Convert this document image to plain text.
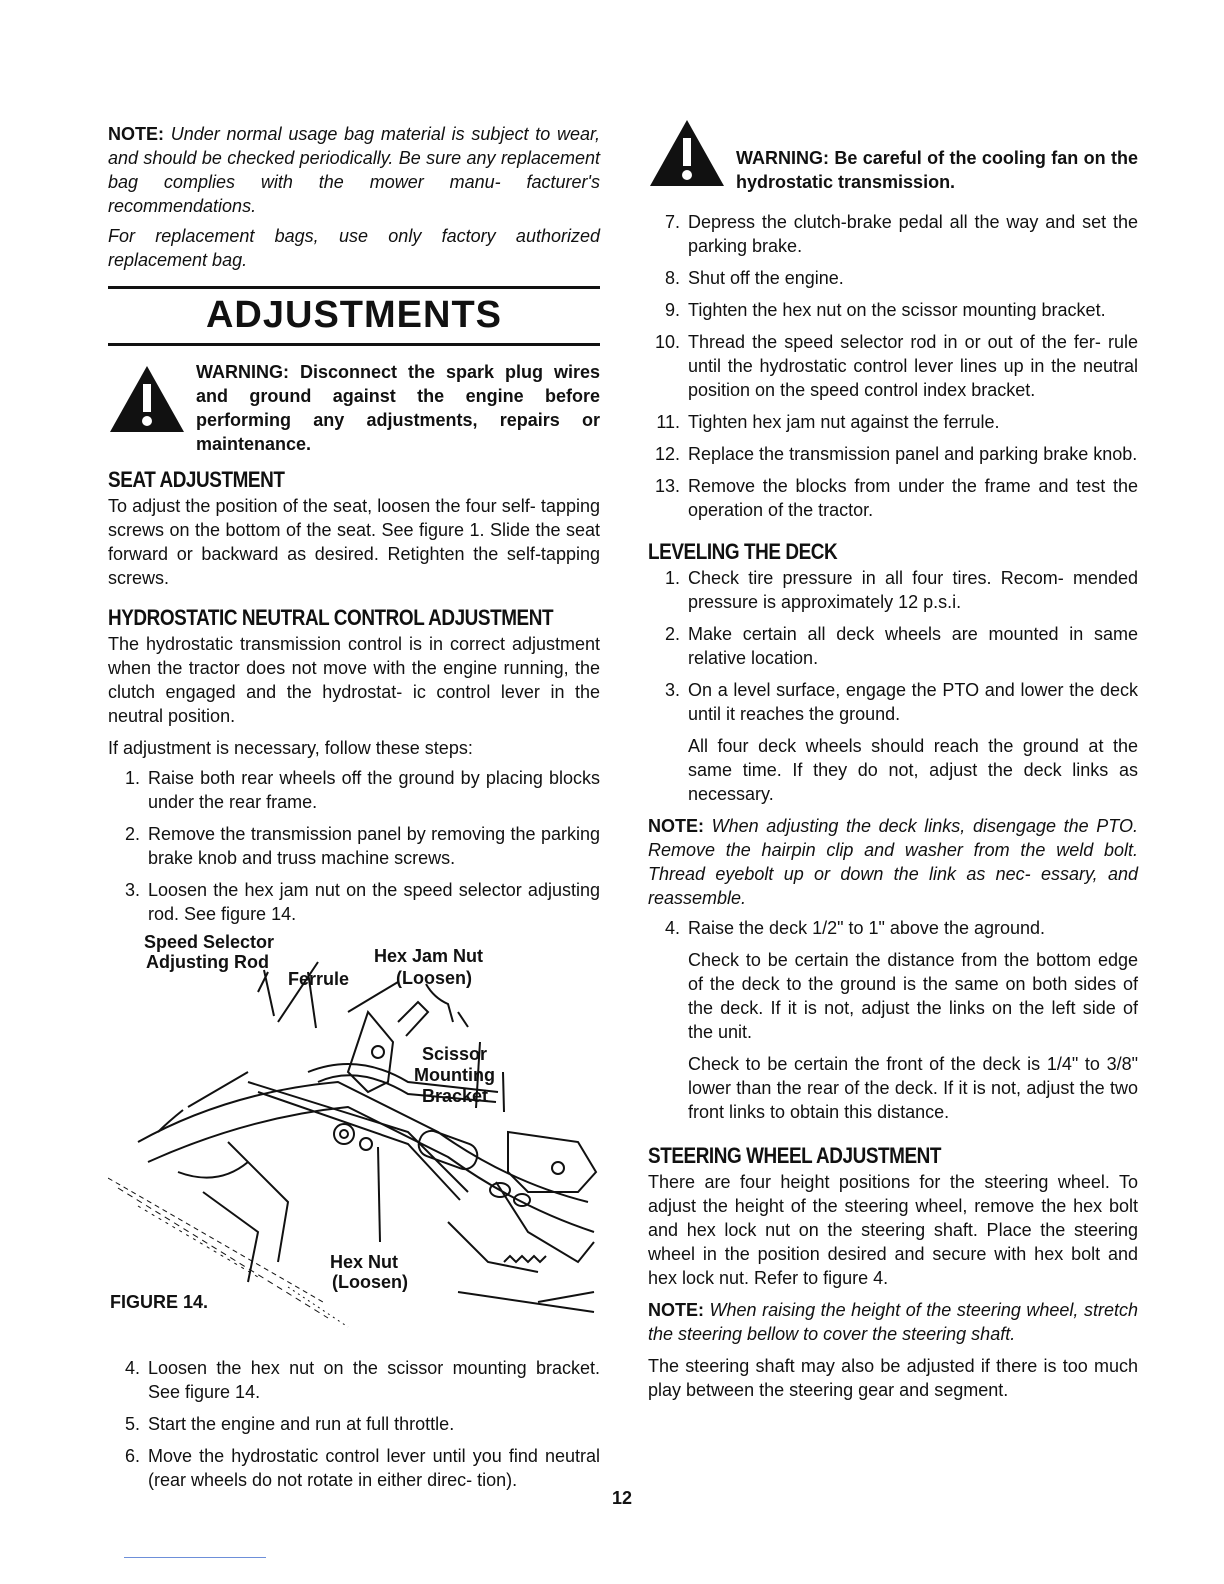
NOTE: Under normal usage bag material is subject to wear, and should be checked periodically. Be sure any replacement bag complies with the mower manu- facturer's recommendations.

For replacement bags, use only factory authorized replacement bag.

ADJUSTMENTS
WARNING: Disconnect the spark plug wires and ground against the engine before performing any adjustments, repairs or maintenance.
SEAT ADJUSTMENT

To adjust the position of the seat, loosen the four self- tapping screws on the bottom of the seat. See figure 1. Slide the seat forward or backward as desired. Retighten the self-tapping screws.

HYDROSTATIC NEUTRAL CONTROL ADJUSTMENT

The hydrostatic transmission control is in correct adjustment when the tractor does not move with the engine running, the clutch engaged and the hydrostat- ic control lever in the neutral position.

If adjustment is necessary, follow these steps:

1. Raise both rear wheels off the ground by placing blocks under the rear frame.
2. Remove the transmission panel by removing the parking brake knob and truss machine screws.
3. Loosen the hex jam nut on the speed selector adjusting rod. See figure 14.
Speed Selector
Adjusting Rod
Ferrule
Hex Jam Nut
(Loosen)
Scissor
Mounting
Bracket
Hex Nut
(Loosen)
FIGURE 14.
4. Loosen the hex nut on the scissor mounting bracket. See figure 14.
5. Start the engine and run at full throttle.
6. Move the hydrostatic control lever until you find neutral (rear wheels do not rotate in either direc- tion).
WARNING: Be careful of the cooling fan on the hydrostatic transmission.
7. Depress the clutch-brake pedal all the way and set the parking brake.
8. Shut off the engine.
9. Tighten the hex nut on the scissor mounting bracket.
10. Thread the speed selector rod in or out of the fer- rule until the hydrostatic control lever lines up in the neutral position on the speed control index bracket.
11. Tighten hex jam nut against the ferrule.
12. Replace the transmission panel and parking brake knob.
13. Remove the blocks from under the frame and test the operation of the tractor.
LEVELING THE DECK
1. Check tire pressure in all four tires. Recom- mended pressure is approximately 12 p.s.i.
2. Make certain all deck wheels are mounted in same relative location.
3. On a level surface, engage the PTO and lower the deck until it reaches the ground.

All four deck wheels should reach the ground at the same time. If they do not, adjust the deck links as necessary.

NOTE: When adjusting the deck links, disengage the PTO. Remove the hairpin clip and washer from the weld bolt. Thread eyebolt up or down the link as nec- essary, and reassemble.

4. Raise the deck 1/2" to 1" above the aground.

Check to be certain the distance from the bottom edge of the deck to the ground is the same on both sides of the deck. If it is not, adjust the links on the left side of the unit.

Check to be certain the front of the deck is 1/4" to 3/8" lower than the rear of the deck. If it is not, adjust the two front links to obtain this distance.

STEERING WHEEL ADJUSTMENT

There are four height positions for the steering wheel. To adjust the height of the steering wheel, remove the hex bolt and hex lock nut on the steering shaft. Place the steering wheel in the position desired and secure with hex bolt and hex lock nut. Refer to figure 4.

NOTE: When raising the height of the steering wheel, stretch the steering bellow to cover the steering shaft.

The steering shaft may also be adjusted if there is too much play between the steering gear and segment.

12
